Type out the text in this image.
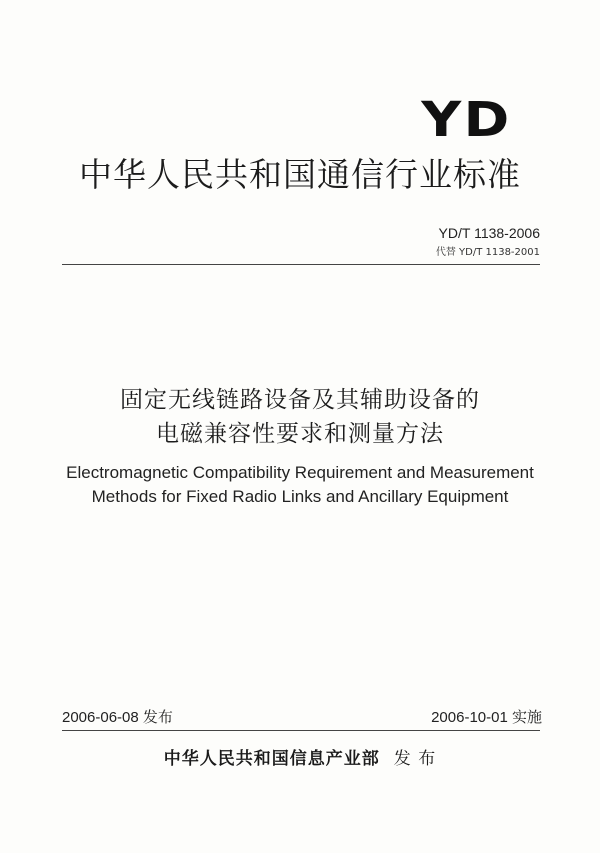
YD
中华人民共和国通信行业标准
YD/T 1138-2006
代替 YD/T 1138-2001
固定无线链路设备及其辅助设备的
电磁兼容性要求和测量方法
Electromagnetic Compatibility Requirement and Measurement
Methods for Fixed Radio Links and Ancillary Equipment
2006-06-08 发布	2006-10-01 实施
中华人民共和国信息产业部 发 布
